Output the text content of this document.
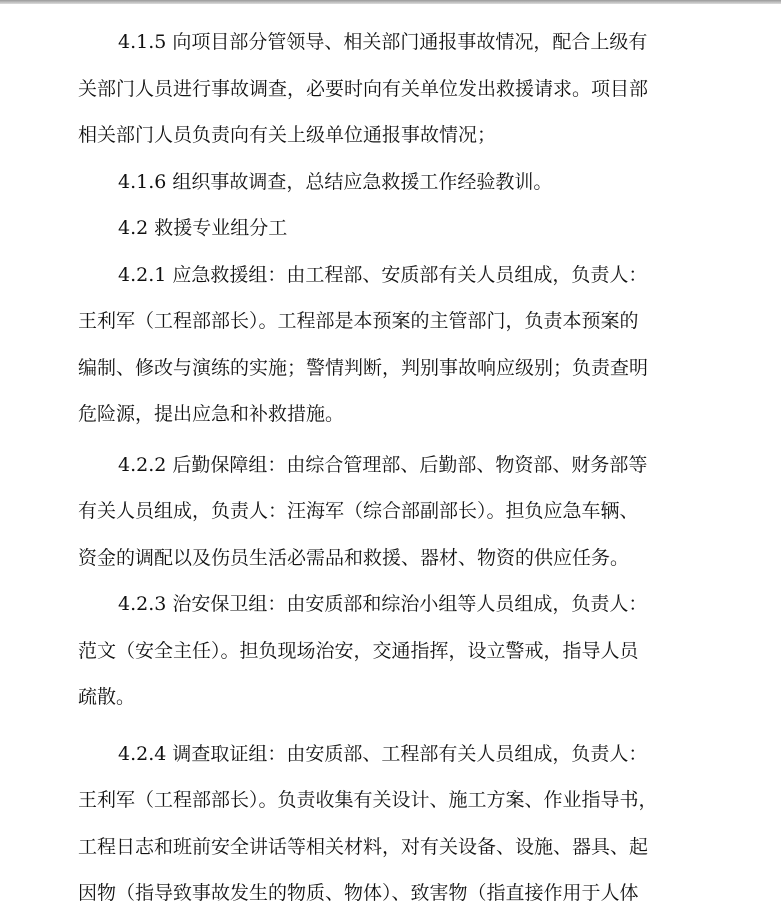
4.1.5 向项目部分管领导、相关部门通报事故情况，配合上级有
关部门人员进行事故调查，必要时向有关单位发出救援请求。项目部
相关部门人员负责向有关上级单位通报事故情况；
4.1.6 组织事故调查，总结应急救援工作经验教训。
4.2 救援专业组分工
4.2.1 应急救援组：由工程部、安质部有关人员组成，负责人：
王利军（工程部部长）。工程部是本预案的主管部门，负责本预案的
编制、修改与演练的实施；警情判断，判别事故响应级别；负责查明
危险源，提出应急和补救措施。
4.2.2 后勤保障组：由综合管理部、后勤部、物资部、财务部等
有关人员组成，负责人：汪海军（综合部副部长）。担负应急车辆、
资金的调配以及伤员生活必需品和救援、器材、物资的供应任务。
4.2.3 治安保卫组：由安质部和综治小组等人员组成，负责人：
范文（安全主任）。担负现场治安，交通指挥，设立警戒，指导人员
疏散。
4.2.4 调查取证组：由安质部、工程部有关人员组成，负责人：
王利军（工程部部长）。负责收集有关设计、施工方案、作业指导书，
工程日志和班前安全讲话等相关材料，对有关设备、设施、器具、起
因物（指导致事故发生的物质、物体）、致害物（指直接作用于人体
